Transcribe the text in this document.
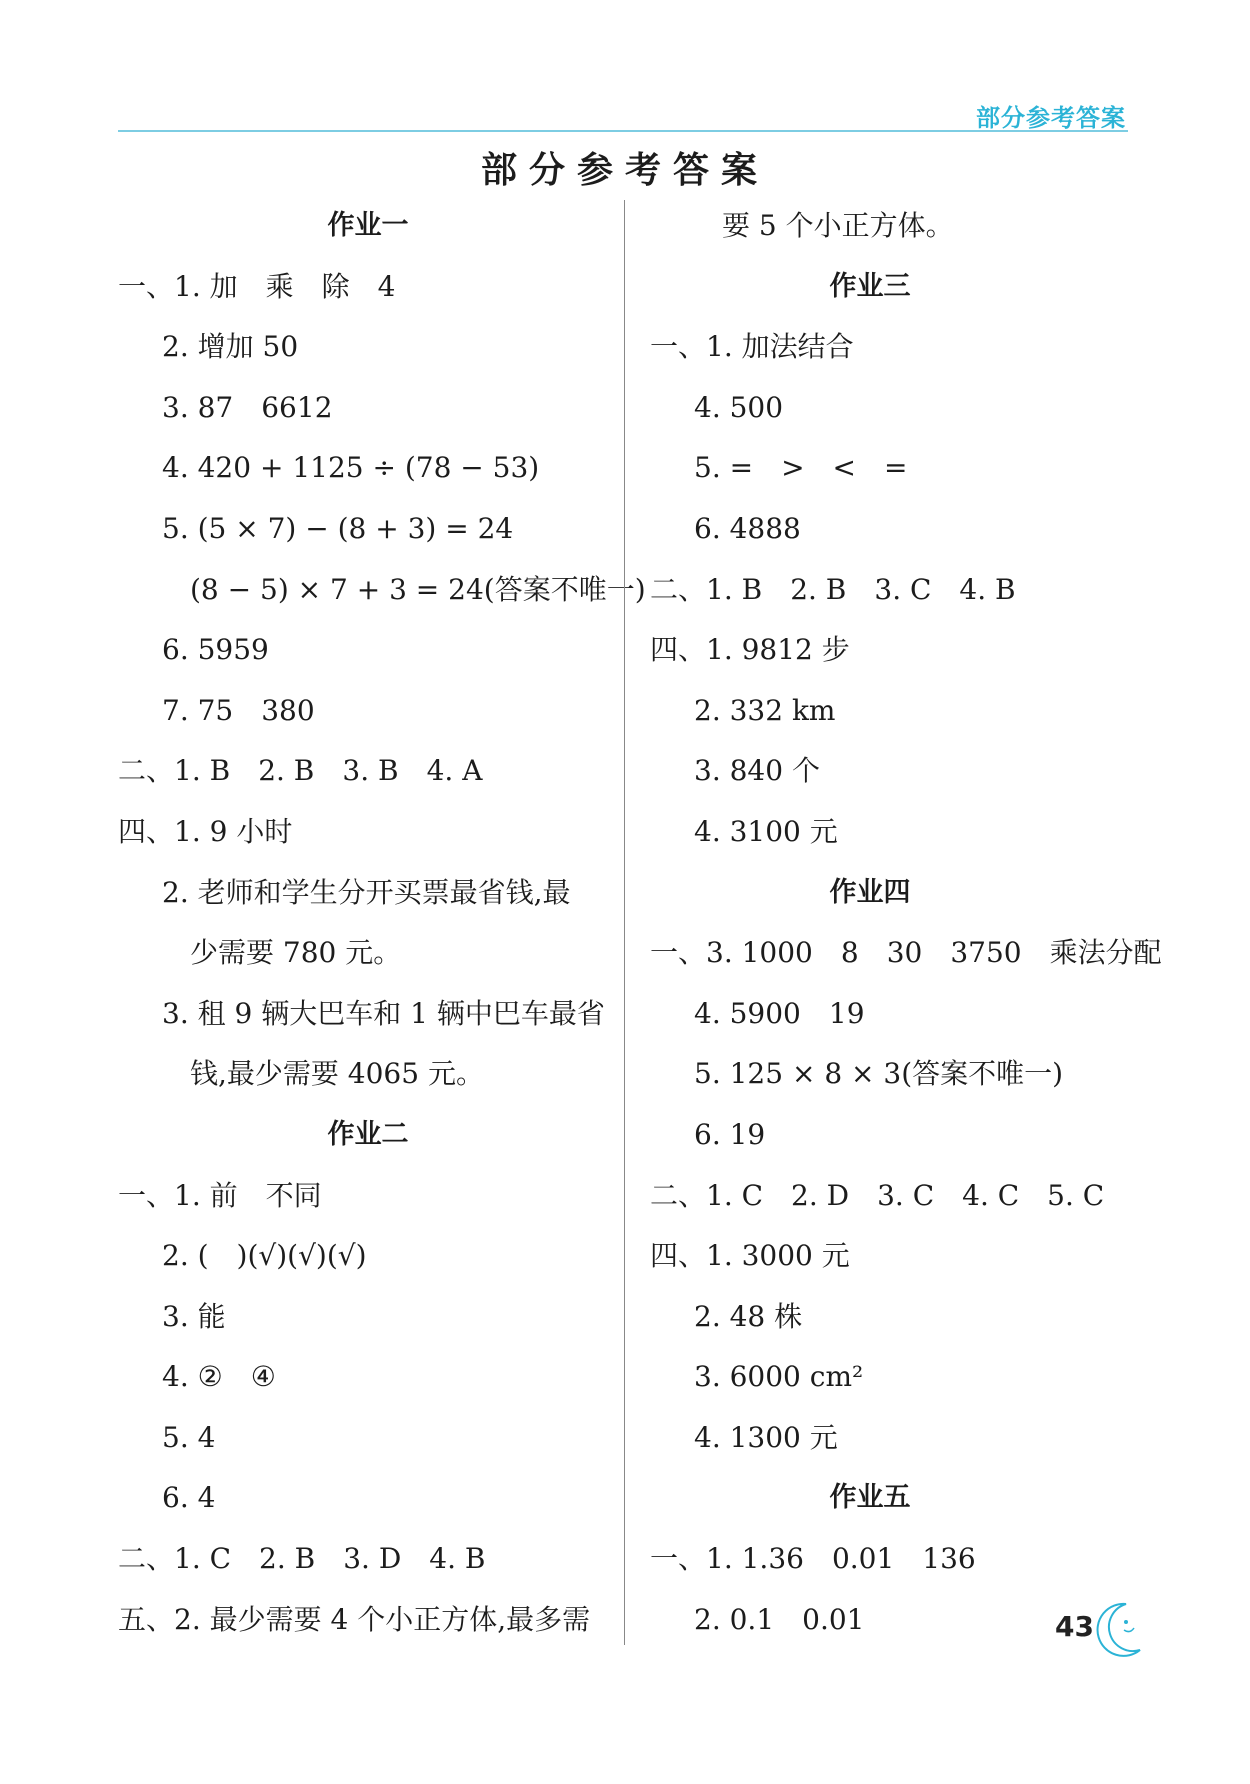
部分参考答案
部分参考答案
作业一
一、1. 加　乘　除　4
2. 增加 50
3. 87　6612
4. 420 + 1125 ÷ (78 − 53)
5. (5 × 7) − (8 + 3) = 24
(8 − 5) × 7 + 3 = 24(答案不唯一)
6. 5959
7. 75　380
二、1. B　2. B　3. B　4. A
四、1. 9 小时
2. 老师和学生分开买票最省钱,最
少需要 780 元。
3. 租 9 辆大巴车和 1 辆中巴车最省
钱,最少需要 4065 元。
作业二
一、1. 前　不同
2. (　)(√)(√)(√)
3. 能
4. ②　④
5. 4
6. 4
二、1. C　2. B　3. D　4. B
五、2. 最少需要 4 个小正方体,最多需
要 5 个小正方体。
作业三
一、1. 加法结合
4. 500
5. =　>　<　=
6. 4888
二、1. B　2. B　3. C　4. B
四、1. 9812 步
2. 332 km
3. 840 个
4. 3100 元
作业四
一、3. 1000　8　30　3750　乘法分配
4. 5900　19
5. 125 × 8 × 3(答案不唯一)
6. 19
二、1. C　2. D　3. C　4. C　5. C
四、1. 3000 元
2. 48 株
3. 6000 cm²
4. 1300 元
作业五
一、1. 1.36　0.01　136
2. 0.1　0.01	43
